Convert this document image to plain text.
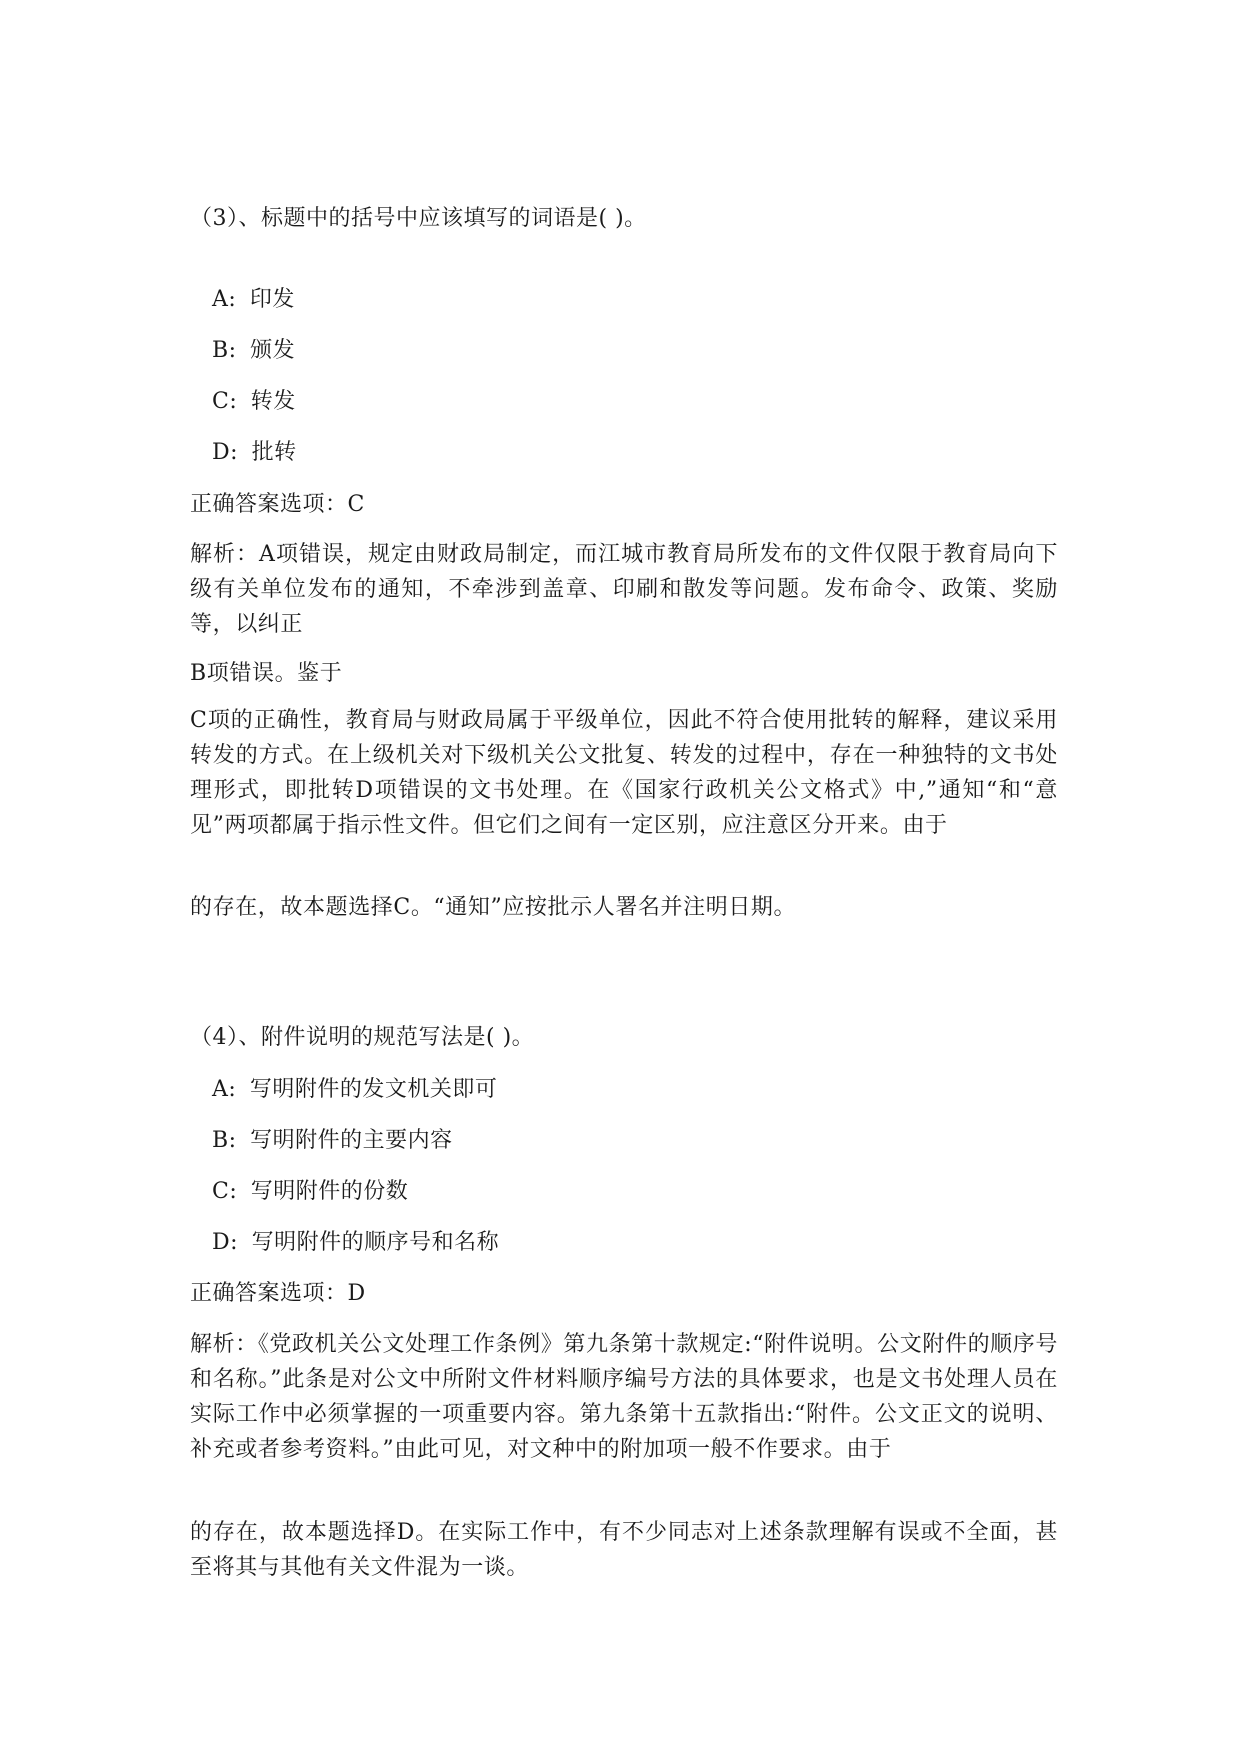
（3）、标题中的括号中应该填写的词语是( )。
A: 印发
B: 颁发
C: 转发
D: 批转
正确答案选项：C
解析：A项错误，规定由财政局制定，而江城市教育局所发布的文件仅限于教育局向下级有关单位发布的通知，不牵涉到盖章、印刷和散发等问题。发布命令、政策、奖励等，以纠正
B项错误。鉴于
C项的正确性，教育局与财政局属于平级单位，因此不符合使用批转的解释，建议采用转发的方式。在上级机关对下级机关公文批复、转发的过程中，存在一种独特的文书处理形式，即批转D项错误的文书处理。在《国家行政机关公文格式》中,”通知“和“意见”两项都属于指示性文件。但它们之间有一定区别，应注意区分开来。由于
的存在，故本题选择C。“通知”应按批示人署名并注明日期。
（4）、附件说明的规范写法是( )。
A: 写明附件的发文机关即可
B: 写明附件的主要内容
C: 写明附件的份数
D: 写明附件的顺序号和名称
正确答案选项：D
解析：《党政机关公文处理工作条例》第九条第十款规定:“附件说明。公文附件的顺序号和名称。”此条是对公文中所附文件材料顺序编号方法的具体要求，也是文书处理人员在实际工作中必须掌握的一项重要内容。第九条第十五款指出:“附件。公文正文的说明、补充或者参考资料。”由此可见，对文种中的附加项一般不作要求。由于
的存在，故本题选择D。在实际工作中，有不少同志对上述条款理解有误或不全面，甚至将其与其他有关文件混为一谈。
